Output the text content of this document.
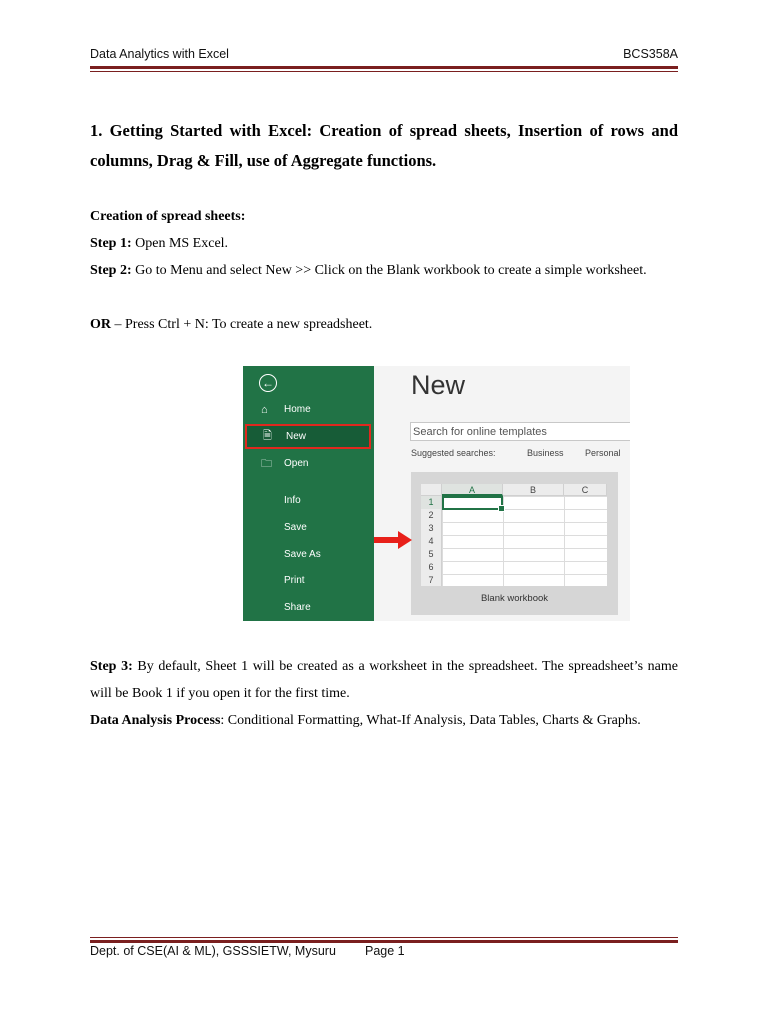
Data Analytics with Excel	BCS358A
1. Getting Started with Excel: Creation of spread sheets, Insertion of rows and columns, Drag & Fill, use of Aggregate functions.
Creation of spread sheets:
Step 1: Open MS Excel.
Step 2: Go to Menu and select New >> Click on the Blank workbook to create a simple worksheet.
OR – Press Ctrl + N: To create a new spreadsheet.
←
⌂ Home
🗎 New
🗀 Open
Info
Save
Save As
Print
Share
New
Search for online templates
Suggested searches:	Business Personal
A	B	C
1
2
3
4
5
6
7
Blank workbook
Step 3: By default, Sheet 1 will be created as a worksheet in the spreadsheet. The spreadsheet’s name will be Book 1 if you open it for the first time.
Data Analysis Process: Conditional Formatting, What-If Analysis, Data Tables, Charts & Graphs.
Dept. of CSE(AI & ML), GSSSIETW, Mysuru Page 1
